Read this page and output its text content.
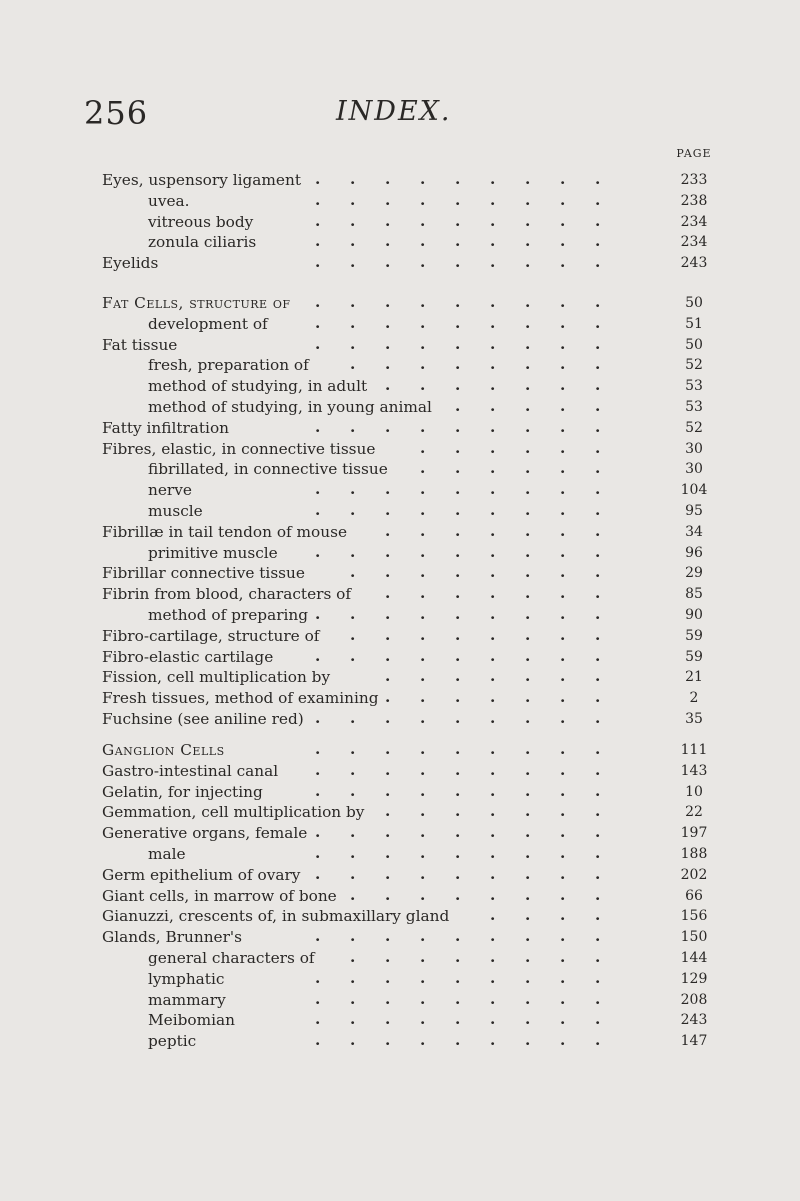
256	INDEX.
PAGE
Eyes, uspensory ligament . . . . . . . . .	233
uvea.	. . . . . . . . .	238
vitreous body	. . . . . . . . .	234
zonula ciliaris	. . . . . . . . .	234
Eyelids	. . . . . . . . .	243
Fat Cells, structure of . . . . . . . . .	50
development of	. . . . . . . . .	51
Fat tissue	. . . . . . . . .	50
fresh, preparation of	. . . . . . . .	52
method of studying, in adult . . . . . . .	53
method of studying, in young animal . . . . .	53
Fatty infiltration	. . . . . . . . .	52
Fibres, elastic, in connective tissue	. . . . . .	30
fibrillated, in connective tissue . . . . . .	30
nerve	. . . . . . . . .	104
muscle	. . . . . . . . .	95
Fibrillæ in tail tendon of mouse . . . . . . .	34
primitive muscle . . . . . . . . .	96
Fibrillar connective tissue	. . . . . . . .	29
Fibrin from blood, characters of . . . . . . .	85
method of preparing . . . . . . . . .	90
Fibro-cartilage, structure of . . . . . . . .	59
Fibro-elastic cartilage	. . . . . . . . .	59
Fission, cell multiplication by	. . . . . . .	21
Fresh tissues, method of examining . . . . . . .	2
Fuchsine (see aniline red) . . . . . . . . .	35
Ganglion Cells	. . . . . . . . .	111
Gastro-intestinal canal . . . . . . . . .	143
Gelatin, for injecting	. . . . . . . . .	10
Gemmation, cell multiplication by . . . . . . .	22
Generative organs, female . . . . . . . . .	197
male	. . . . . . . . .	188
Germ epithelium of ovary . . . . . . . . .	202
Giant cells, in marrow of bone . . . . . . . .	66
Gianuzzi, crescents of, in submaxillary gland	. . . .	156
Glands, Brunner's	. . . . . . . . .	150
general characters of . . . . . . . .	144
lymphatic	. . . . . . . . .	129
mammary	. . . . . . . . .	208
Meibomian	. . . . . . . . .	243
peptic	. . . . . . . . .	147
